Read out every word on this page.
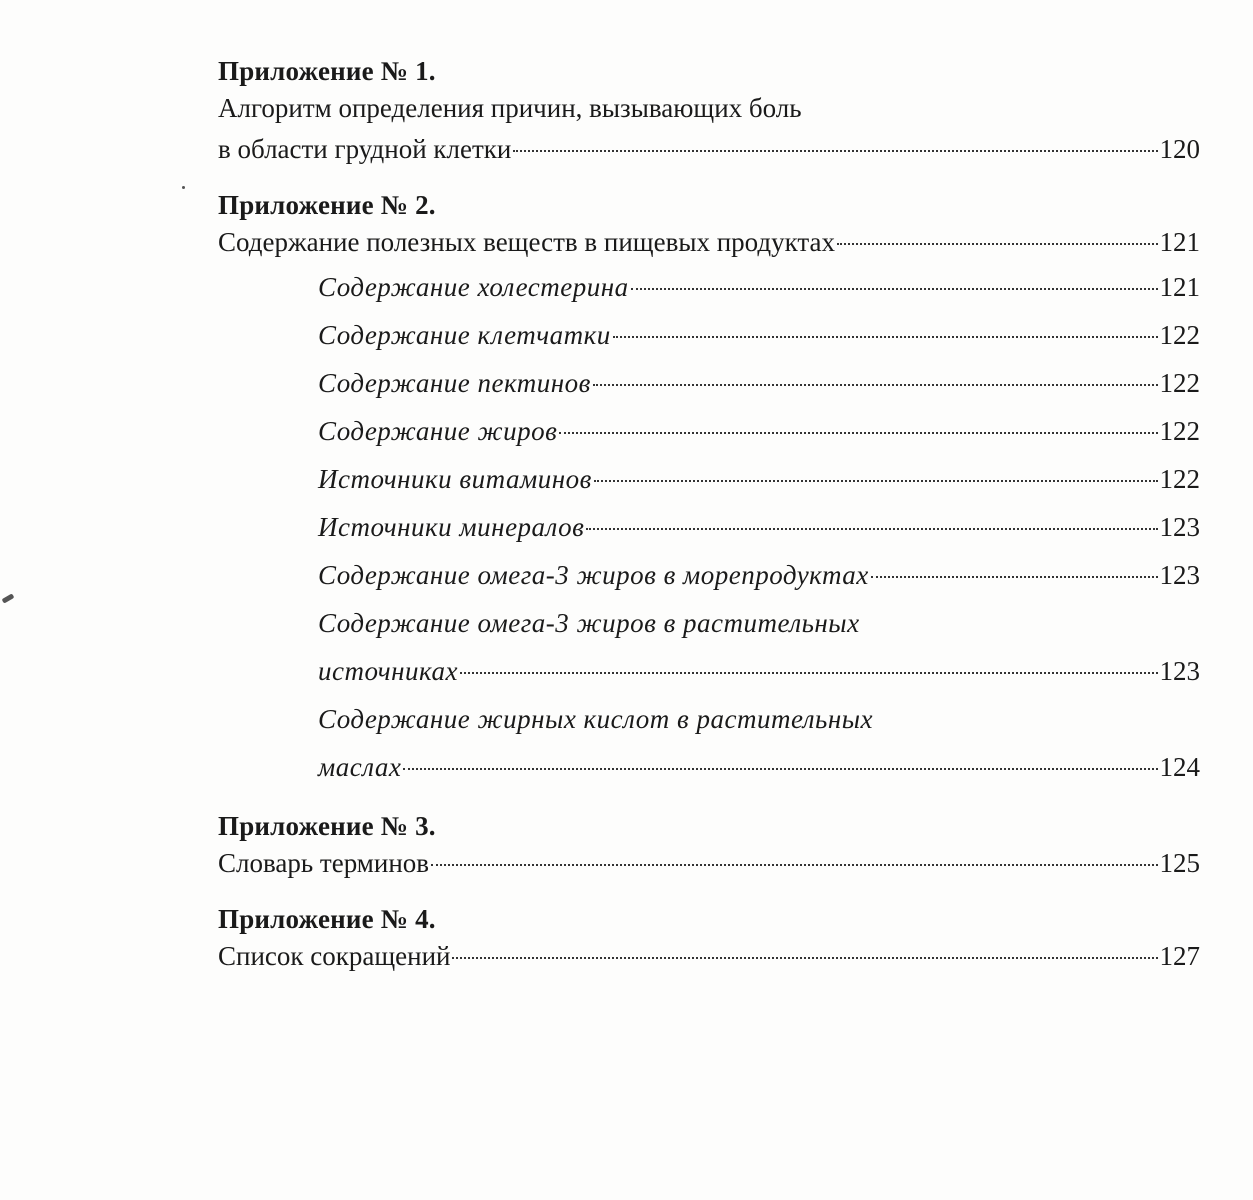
Приложение № 1.
Алгоритм определения причин, вызывающих боль
в области грудной клетки	120
Приложение № 2.
Содержание полезных веществ в пищевых продуктах	121
Содержание холестерина	121
Содержание клетчатки	122
Содержание пектинов	122
Содержание жиров	122
Источники витаминов	122
Источники минералов	123
Содержание омега-3 жиров в морепродуктах	123
Содержание омега-3 жиров в растительных
источниках	123
Содержание жирных кислот в растительных
маслах	124
Приложение № 3.
Словарь терминов	125
Приложение № 4.
Список сокращений	127
